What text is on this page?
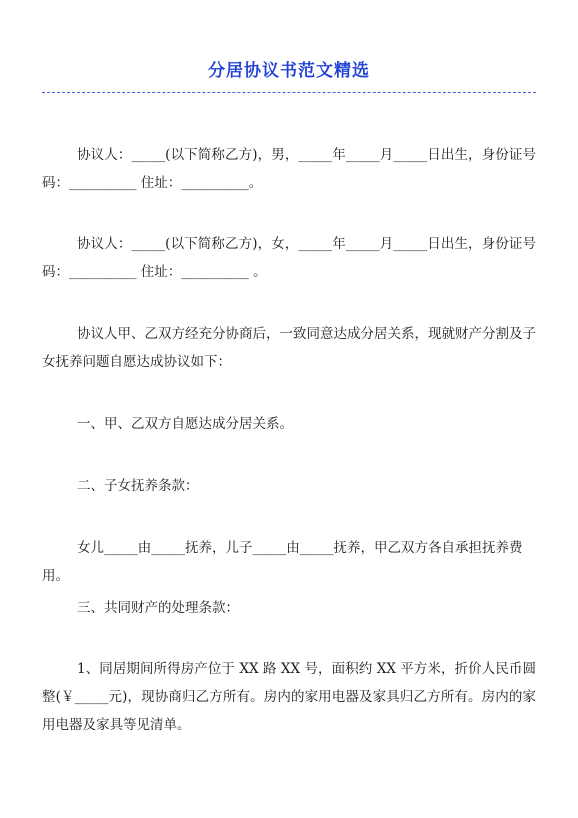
分居协议书范文精选

协议人：_____(以下简称乙方)，男，_____年_____月_____日出生，身份证号码：__________ 住址：__________。

协议人：_____(以下简称乙方)，女，_____年_____月_____日出生，身份证号码：__________ 住址：__________ 。

协议人甲、乙双方经充分协商后，一致同意达成分居关系，现就财产分割及子女抚养问题自愿达成协议如下：

一、甲、乙双方自愿达成分居关系。

二、子女抚养条款：

女儿_____由_____抚养，儿子_____由_____抚养，甲乙双方各自承担抚养费用。

三、共同财产的处理条款：

1、同居期间所得房产位于 XX 路 XX 号，面积约 XX 平方米，折价人民币圆整(￥_____元)，现协商归乙方所有。房内的家用电器及家具归乙方所有。房内的家用电器及家具等见清单。
